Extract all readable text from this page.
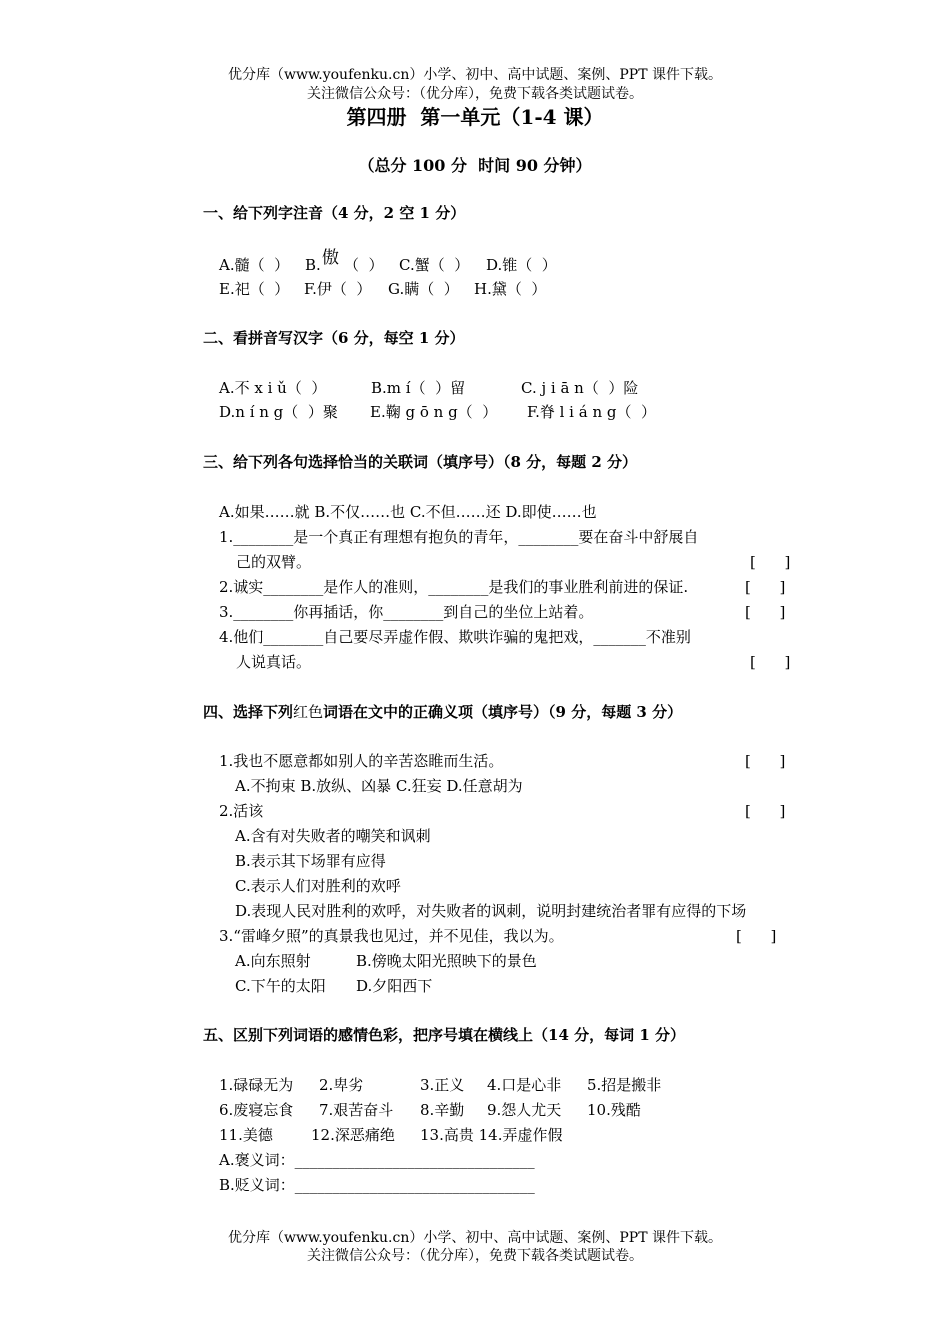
优分库（www.youfenku.cn）小学、初中、高中试题、案例、PPT 课件下载。
关注微信公众号：（优分库），免费下载各类试题试卷。
第四册  第一单元（1-4 课）
（总分 100 分  时间 90 分钟）
一、给下列字注音（4 分，2 空 1 分）
A.髓（  ） B. 傲 （  ） C.蟹（  ） D.锥（  ）
E.祀（  ） F.伊（  ） G.瞒（  ） H.黛（  ）
二、看拼音写汉字（6 分，每空 1 分）
A.不 x i ǔ（  ）	B.m í（  ）留	C. j i ā n（  ）险
D.n í n g（  ）聚 E.鞠 g ō n g（  ） F.脊 l i á n g（  ）
三、给下列各句选择恰当的关联词（填序号）（8 分，每题 2 分）
A.如果……就 B.不仅……也 C.不但……还 D.即使……也
1.________是一个真正有理想有抱负的青年，________要在奋斗中舒展自
己的双臂。	[      ]
2.诚实________是作人的准则，________是我们的事业胜利前进的保证.	[      ]
3.________你再插话，你________到自己的坐位上站着。	[      ]
4.他们________自己要尽弄虚作假、欺哄诈骗的鬼把戏，_______不准别
人说真话。	[      ]
四、选择下列红色词语在文中的正确义项（填序号）（9 分，每题 3 分）
1.我也不愿意都如别人的辛苦恣睢而生活。	[      ]
A.不拘束 B.放纵、凶暴 C.狂妄 D.任意胡为
2.活该	[      ]
A.含有对失败者的嘲笑和讽刺
B.表示其下场罪有应得
C.表示人们对胜利的欢呼
D.表现人民对胜利的欢呼，对失败者的讽刺，说明封建统治者罪有应得的下场
3.“雷峰夕照”的真景我也见过，并不见佳，我以为。	[      ]
A.向东照射	B.傍晚太阳光照映下的景色
C.下午的太阳 D.夕阳西下
五、区别下列词语的感情色彩，把序号填在横线上（14 分，每词 1 分）
1.碌碌无为 2.卑劣	3.正义 4.口是心非 5.招是搬非
6.废寝忘食 7.艰苦奋斗 8.辛勤 9.怨人尤天 10.残酷
11.美德	12.深恶痛绝 13.高贵 14.弄虚作假
A.褒义词：________________________________
B.贬义词：________________________________
优分库（www.youfenku.cn）小学、初中、高中试题、案例、PPT 课件下载。
关注微信公众号：（优分库），免费下载各类试题试卷。
